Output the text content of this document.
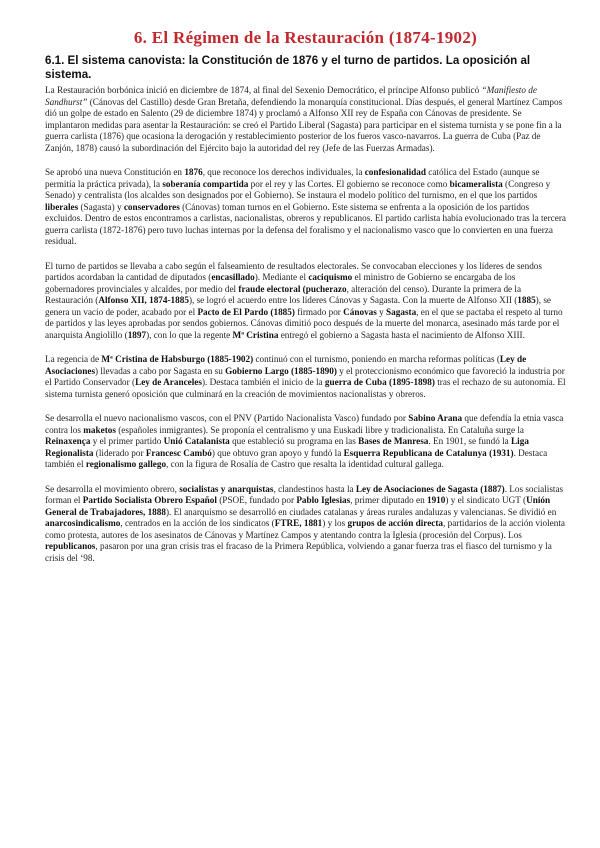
6. El Régimen de la Restauración (1874-1902)
6.1. El sistema canovista: la Constitución de 1876 y el turno de partidos. La oposición al sistema.

La Restauración borbónica inició en diciembre de 1874, al final del Sexenio Democrático, el príncipe Alfonso publicó “Manifiesto de Sandhurst” (Cánovas del Castillo) desde Gran Bretaña, defendiendo la monarquía constitucional. Días después, el general Martínez Campos dió un golpe de estado en Salento (29 de diciembre 1874) y proclamó a Alfonso XII rey de España con Cánovas de presidente. Se implantaron medidas para asentar la Restauración: se creó el Partido Liberal (Sagasta) para participar en el sistema turnista y se pone fin a la guerra carlista (1876) que ocasiona la derogación y restablecimiento posterior de los fueros vasco-navarros. La guerra de Cuba (Paz de Zanjón, 1878) causó la subordinación del Ejército bajo la autoridad del rey (Jefe de las Fuerzas Armadas).

Se aprobó una nueva Constitución en 1876, que reconoce los derechos individuales, la confesionalidad católica del Estado (aunque se permitía la práctica privada), la soberanía compartida por el rey y las Cortes. El gobierno se reconoce como bicameralista (Congreso y Senado) y centralista (los alcaldes son designados por el Gobierno). Se instaura el modelo político del turnismo, en el que los partidos liberales (Sagasta) y conservadores (Cánovas) toman turnos en el Gobierno. Este sistema se enfrenta a la oposición de los partidos excluidos. Dentro de estos encontramos a carlistas, nacionalistas, obreros y republicanos. El partido carlista había evolucionado tras la tercera guerra carlista (1872-1876) pero tuvo luchas internas por la defensa del foralismo y el nacionalismo vasco que lo convierten en una fuerza residual.

El turno de partidos se llevaba a cabo según el falseamiento de resultados electorales. Se convocaban elecciones y los líderes de sendos partidos acordaban la cantidad de diputados (encasillado). Mediante el caciquismo el ministro de Gobierno se encargaba de los gobernadores provinciales y alcaldes, por medio del fraude electoral (pucherazo, alteración del censo). Durante la primera de la Restauración (Alfonso XII, 1874-1885), se logró el acuerdo entre los líderes Cánovas y Sagasta. Con la muerte de Alfonso XII (1885), se genera un vacío de poder, acabado por el Pacto de El Pardo (1885) firmado por Cánovas y Sagasta, en el que se pactaba el respeto al turno de partidos y las leyes aprobadas por sendos gobiernos. Cánovas dimitió poco después de la muerte del monarca, asesinado más tarde por el anarquista Angiolillo (1897), con lo que la regente Mª Cristina entregó el gobierno a Sagasta hasta el nacimiento de Alfonso XIII.

La regencia de Mª Cristina de Habsburgo (1885-1902) continuó con el turnismo, poniendo en marcha reformas políticas (Ley de Asociaciones) llevadas a cabo por Sagasta en su Gobierno Largo (1885-1890) y el proteccionismo económico que favoreció la industria por el Partido Conservador (Ley de Aranceles). Destaca también el inicio de la guerra de Cuba (1895-1898) tras el rechazo de su autonomía. El sistema turnista generó oposición que culminará en la creación de movimientos nacionalistas y obreros.

Se desarrolla el nuevo nacionalismo vascos, con el PNV (Partido Nacionalista Vasco) fundado por Sabino Arana que defendía la etnia vasca contra los maketos (españoles inmigrantes). Se proponía el centralismo y una Euskadi libre y tradicionalista. En Cataluña surge la Reinaxença y el primer partido Unió Catalanista que estableció su programa en las Bases de Manresa. En 1901, se fundó la Liga Regionalista (liderado por Francesc Cambó) que obtuvo gran apoyo y fundó la Esquerra Republicana de Catalunya (1931). Destaca también el regionalismo gallego, con la figura de Rosalía de Castro que resalta la identidad cultural gallega.

Se desarrolla el movimiento obrero, socialistas y anarquistas, clandestinos hasta la Ley de Asociaciones de Sagasta (1887). Los socialistas forman el Partido Socialista Obrero Español (PSOE, fundado por Pablo Iglesias, primer diputado en 1910) y el sindicato UGT (Unión General de Trabajadores, 1888). El anarquismo se desarrolló en ciudades catalanas y áreas rurales andaluzas y valencianas. Se dividió en anarcosindicalismo, centrados en la acción de los sindicatos (FTRE, 1881) y los grupos de acción directa, partidarios de la acción violenta como protesta, autores de los asesinatos de Cánovas y Martínez Campos y atentando contra la Iglesia (procesión del Corpus). Los republicanos, pasaron por una gran crisis tras el fracaso de la Primera República, volviendo a ganar fuerza tras el fiasco del turnismo y la crisis del ‘98.
